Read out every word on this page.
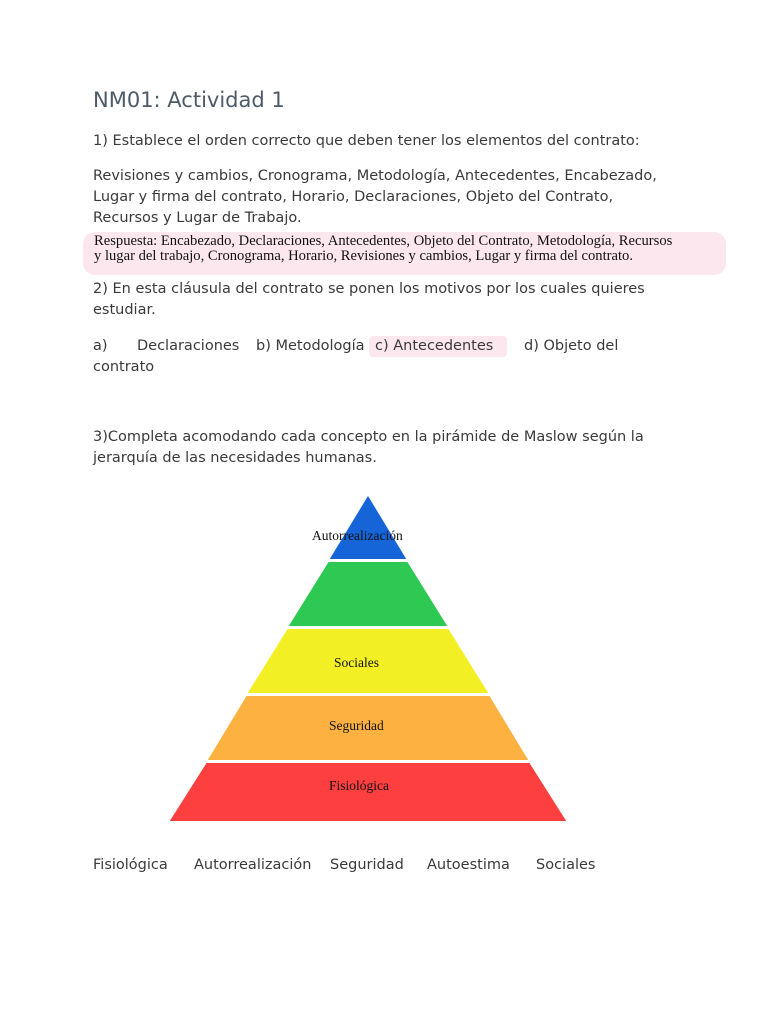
NM01: Actividad 1
1) Establece el orden correcto que deben tener los elementos del contrato:
Revisiones y cambios, Cronograma, Metodología, Antecedentes, Encabezado,
Lugar y firma del contrato, Horario, Declaraciones, Objeto del Contrato,
Recursos y Lugar de Trabajo.
Respuesta: Encabezado, Declaraciones, Antecedentes, Objeto del Contrato, Metodología, Recursos
y lugar del trabajo, Cronograma, Horario, Revisiones y cambios, Lugar y firma del contrato.
2) En esta cláusula del contrato se ponen los motivos por los cuales quieres
estudiar.
a) Declaraciones b) Metodología c) Antecedentes	d) Objeto del
contrato
3)Completa acomodando cada concepto en la pirámide de Maslow según la
jerarquía de las necesidades humanas.
Autorrealización
Sociales
Seguridad
Fisiológica
Fisiológica Autorrealización Seguridad Autoestima Sociales
